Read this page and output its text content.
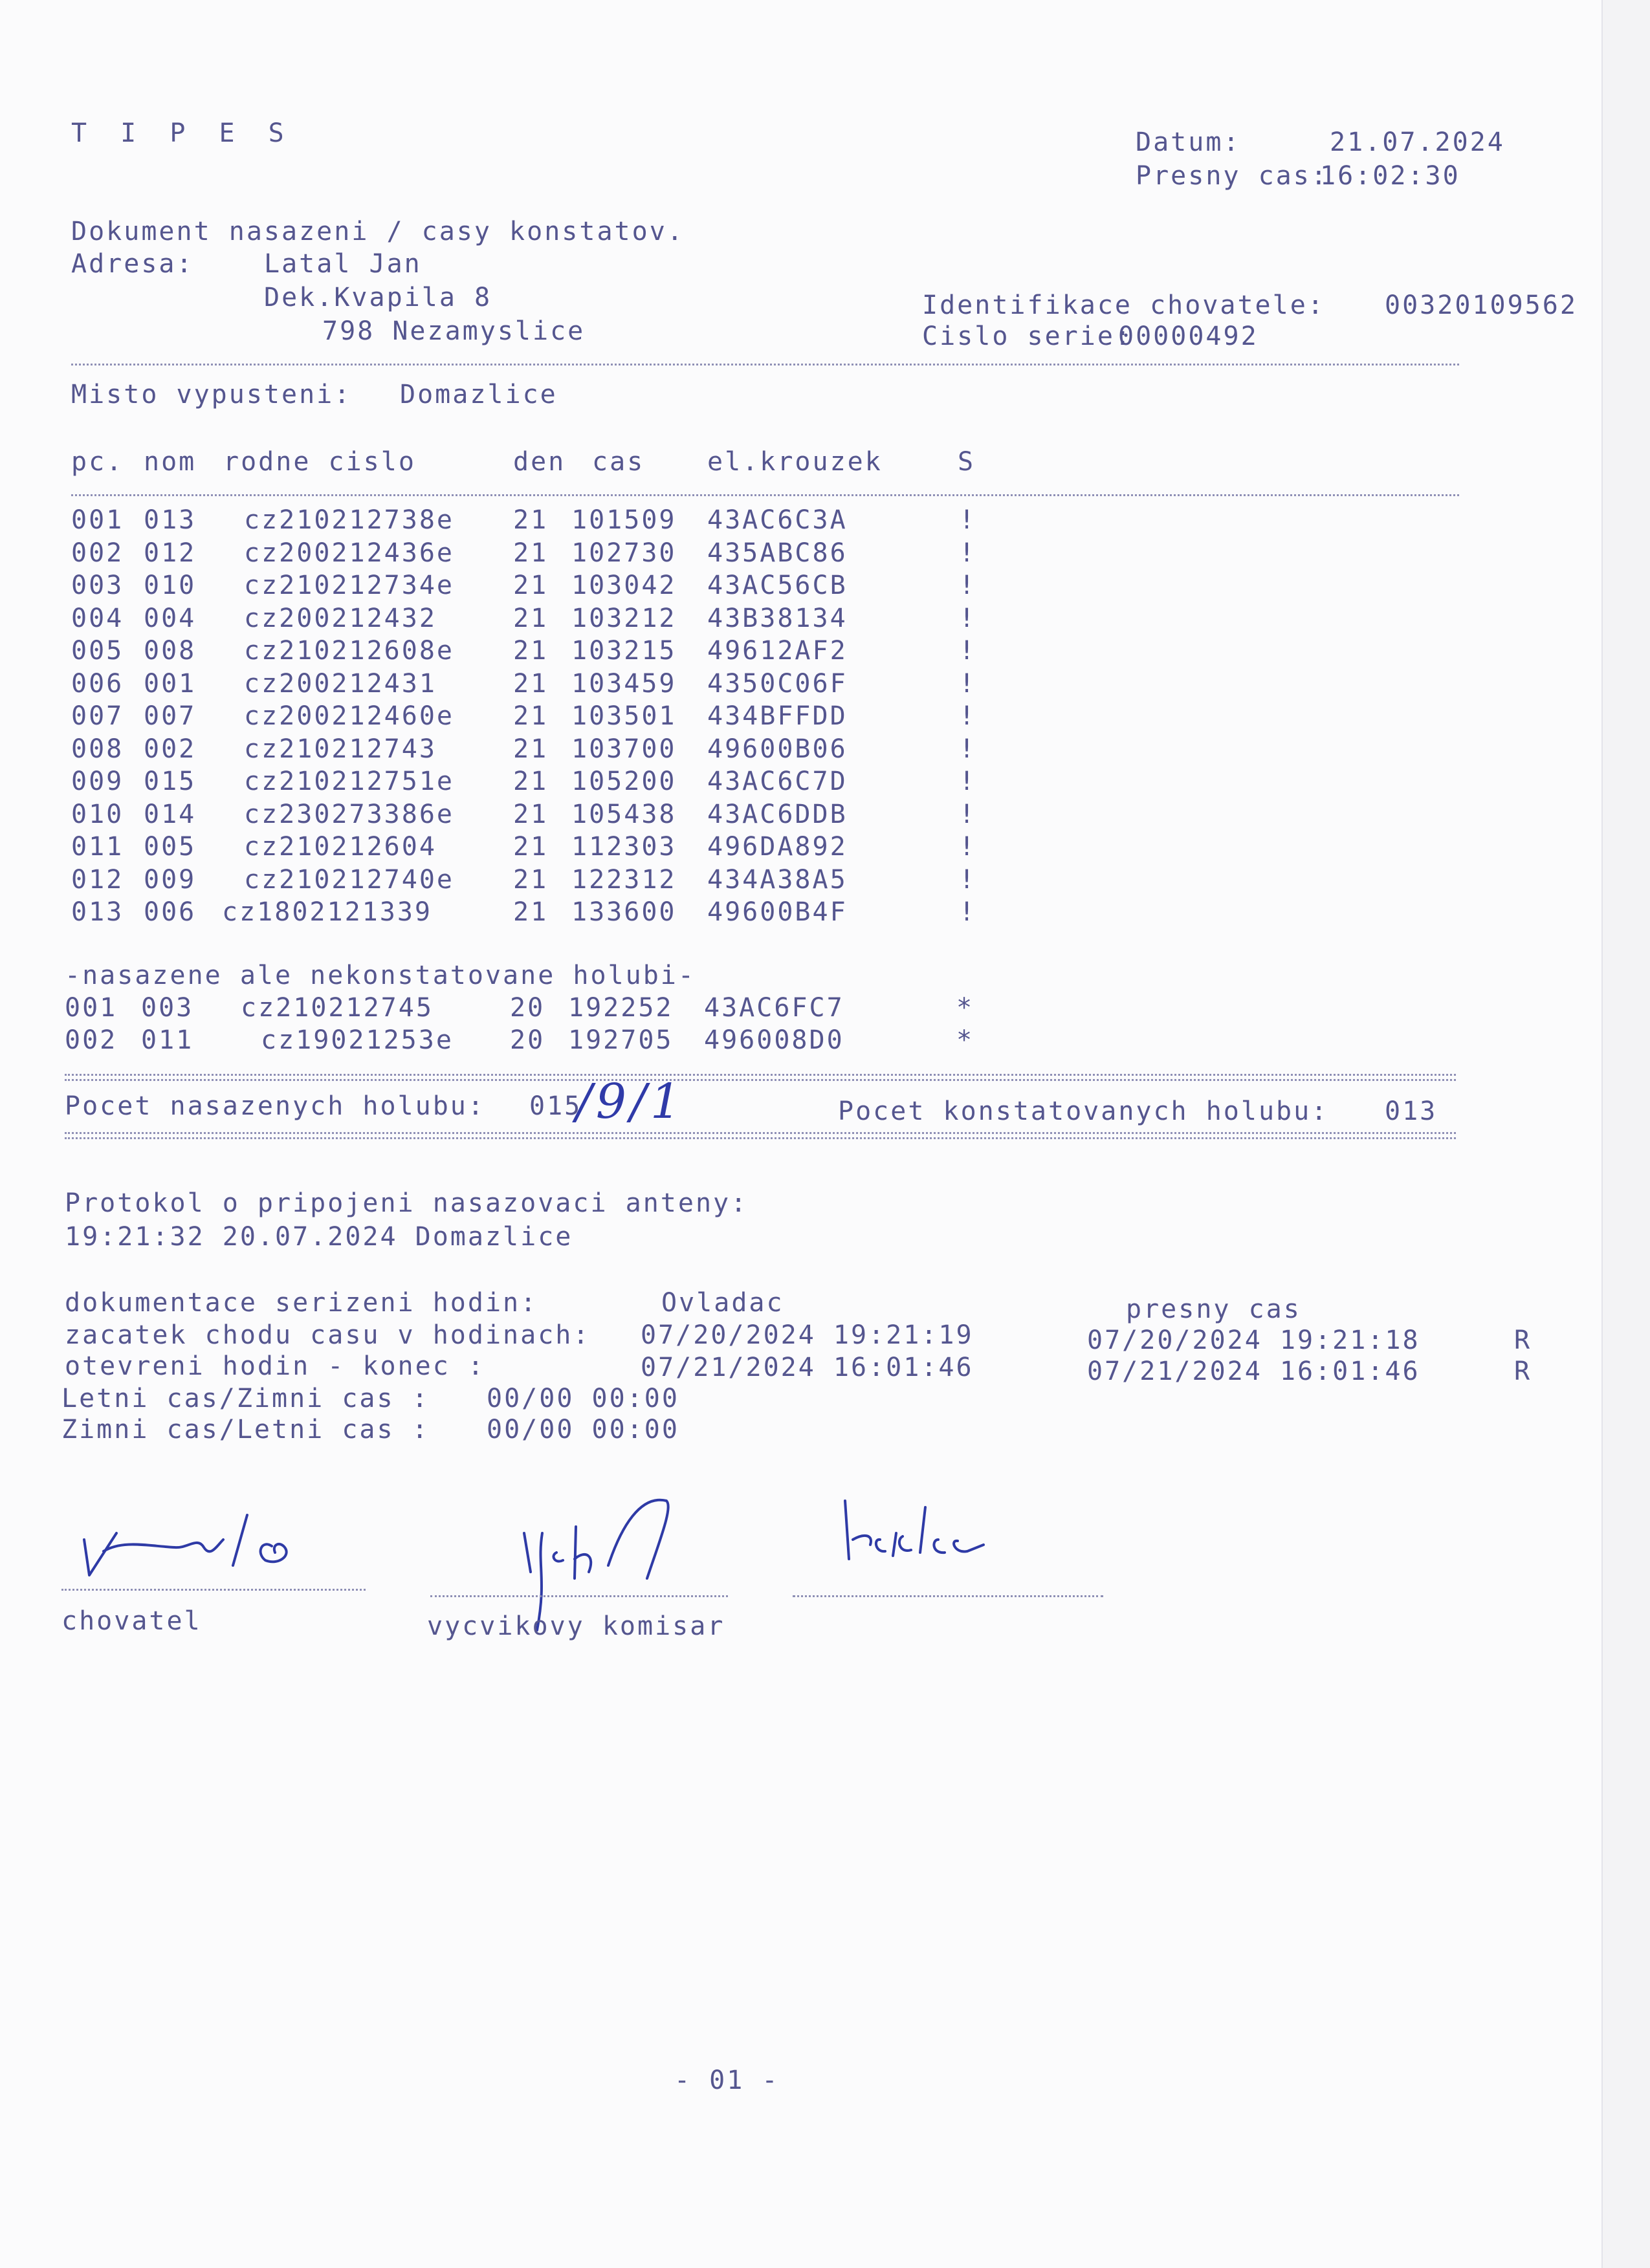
T I P E S	Datum:	21.07.2024
Presny cas:
16:02:30
Dokument nasazeni / casy konstatov.
Adresa:	Latal Jan
Dek.Kvapila 8
798 Nezamyslice
Identifikace chovatele: 00320109562
Cislo serie:
00000492
Misto vypusteni: Domazlice
pc. nom rodne cislo	den cas el.krouzek	S
001 013 cz210212738e 21 101509 43AC6C3A	!
002 012 cz200212436e 21 102730 435ABC86	!
003 010 cz210212734e 21 103042 43AC56CB	!
004 004 cz200212432	21 103212 43B38134	!
005 008 cz210212608e 21 103215 49612AF2	!
006 001 cz200212431	21 103459 4350C06F	!
007 007 cz200212460e 21 103501 434BFFDD	!
008 002 cz210212743	21 103700 49600B06	!
009 015 cz210212751e 21 105200 43AC6C7D	!
010 014 cz230273386e 21 105438 43AC6DDB	!
011 005 cz210212604	21 112303 496DA892	!
012 009 cz210212740e 21 122312 434A38A5	!
013 006 cz1802121339	21 133600 49600B4F	!
-nasazene ale nekonstatovane holubi-
001 003 cz210212745	20 192252 43AC6FC7	*
002 011	cz19021253e 20 192705 496008D0	*
Pocet nasazenych holubu: 015
/9/1	Pocet konstatovanych holubu: 013
Protokol o pripojeni nasazovaci anteny:
19:21:32 20.07.2024 Domazlice
dokumentace serizeni hodin:	Ovladac	presny cas
zacatek chodu casu v hodinach: 07/20/2024 19:21:19	07/20/2024 19:21:18	R
otevreni hodin - konec :	07/21/2024 16:01:46	07/21/2024 16:01:46	R
Letni cas/Zimni cas : 00/00 00:00
Zimni cas/Letni cas : 00/00 00:00
chovatel	vycvikovy komisar
- 01 -
